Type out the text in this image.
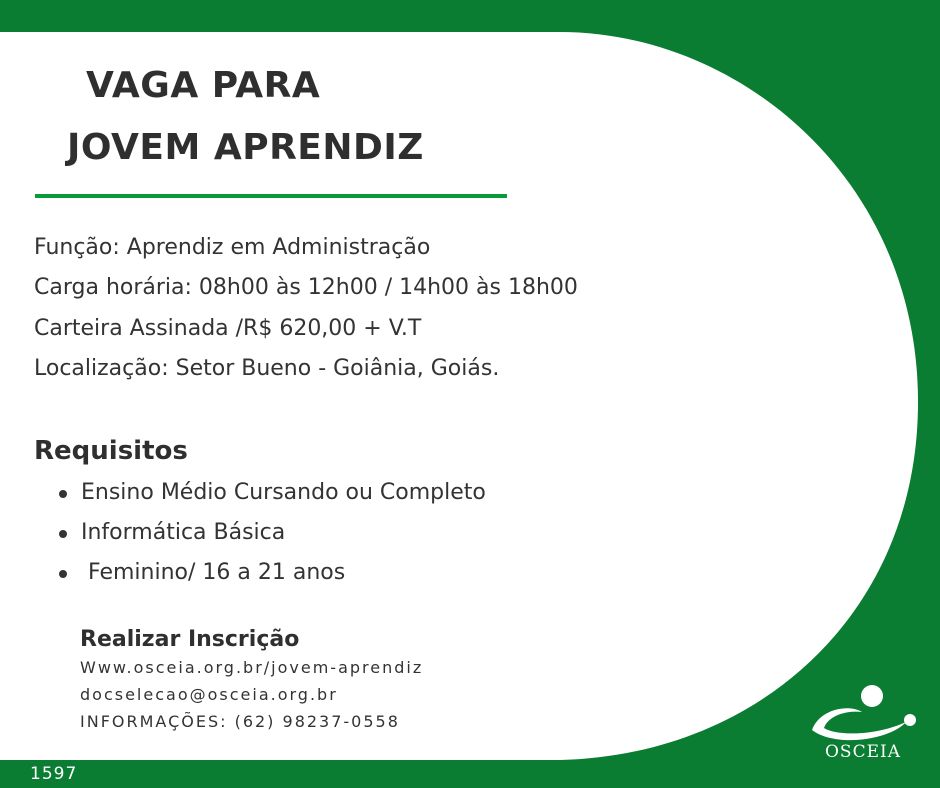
VAGA PARA
JOVEM APRENDIZ
Função: Aprendiz em Administração
Carga horária: 08h00 às 12h00 / 14h00 às 18h00
Carteira Assinada /R$ 620,00 + V.T
Localização: Setor Bueno - Goiânia, Goiás.
Requisitos
Ensino Médio Cursando ou Completo
Informática Básica
Feminino/ 16 a 21 anos
Realizar Inscrição
Www.osceia.org.br/jovem-aprendiz
docselecao@osceia.org.br
INFORMAÇÕES: (62) 98237-0558
1597
OSCEIA
